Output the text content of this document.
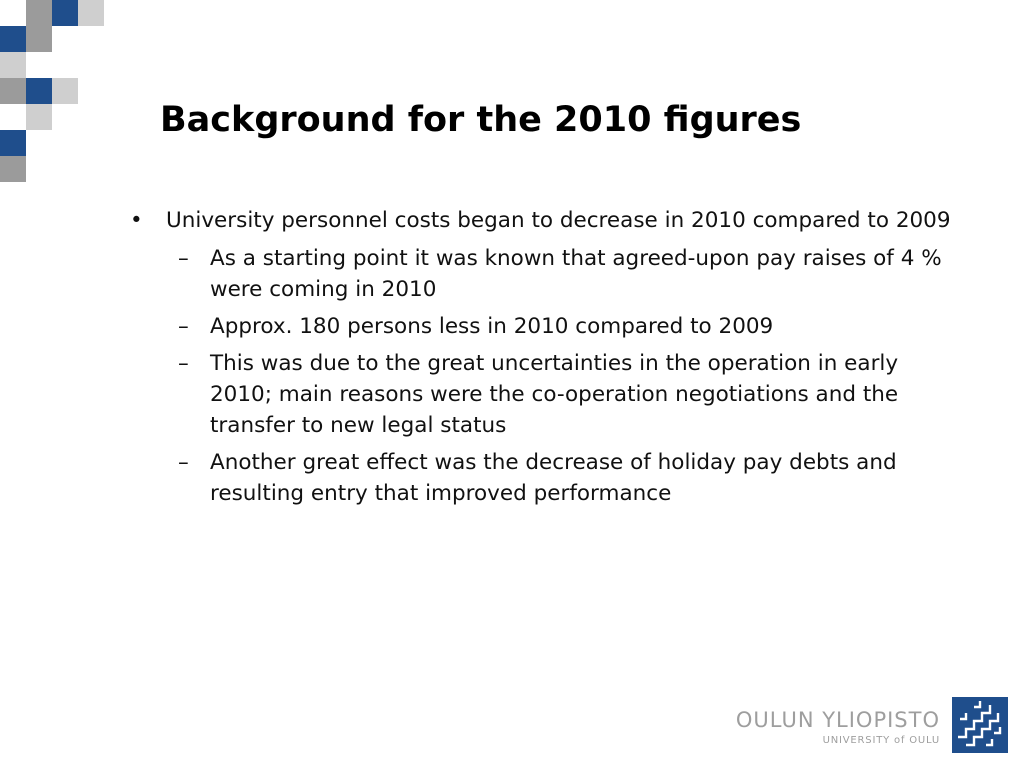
Background for the 2010 figures
• University personnel costs began to decrease in 2010 compared to 2009
– As a starting point it was known that agreed-upon pay raises of 4 % were coming in 2010
– Approx. 180 persons less in 2010 compared to 2009
– This was due to the great uncertainties in the operation in early 2010; main reasons were the co-operation negotiations and the transfer to new legal status
– Another great effect was the decrease of holiday pay debts and resulting entry that improved performance
OULUN YLIOPISTO
UNIVERSITY of OULU
